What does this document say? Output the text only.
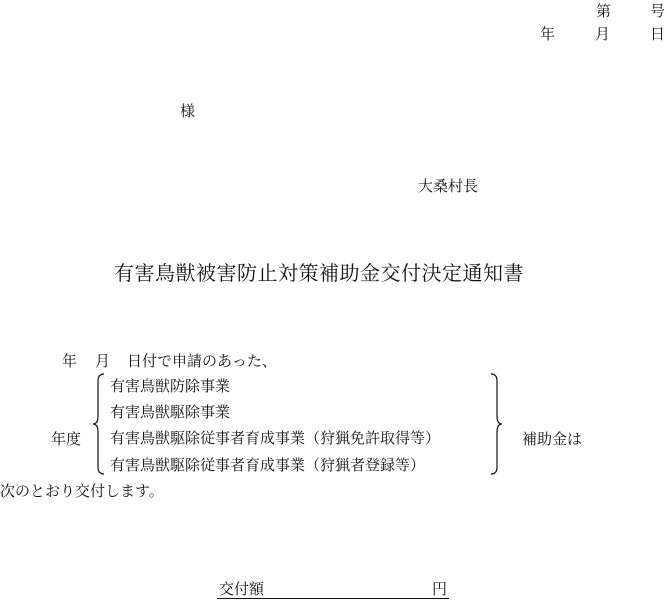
第	号
年	月	日
様
大桑村長
有害鳥獣被害防止対策補助金交付決定通知書
年 月 日付で申請のあった、
年度
有害鳥獣防除事業
有害鳥獣駆除事業
有害鳥獣駆除従事者育成事業（狩猟免許取得等）
有害鳥獣駆除従事者育成事業（狩猟者登録等）
補助金は
次のとおり交付します。
交付額	円
